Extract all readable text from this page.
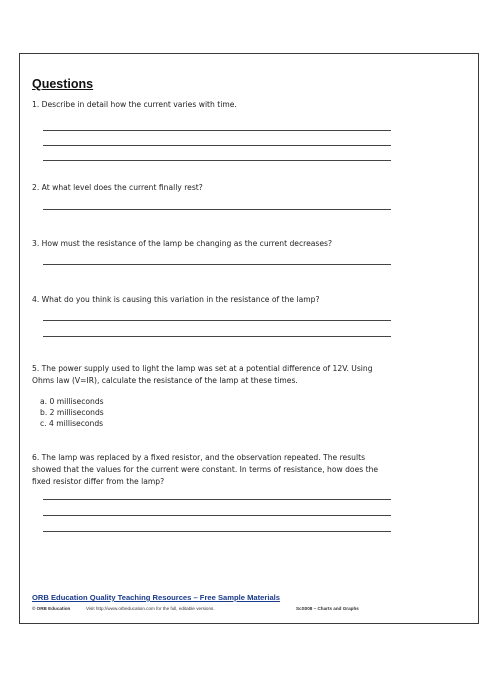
Questions
1. Describe in detail how the current varies with time.
2. At what level does the current finally rest?
3. How must the resistance of the lamp be changing as the current decreases?
4. What do you think is causing this variation in the resistance of the lamp?
5. The power supply used to light the lamp was set at a potential difference of 12V. Using Ohms law (V=IR), calculate the resistance of the lamp at these times.
a. 0 milliseconds
b. 2 milliseconds
c. 4 milliseconds
6. The lamp was replaced by a fixed resistor, and the observation repeated. The results showed that the values for the current were constant. In terms of resistance, how does the fixed resistor differ from the lamp?
ORB Education Quality Teaching Resources – Free Sample Materials
© ORB Education	Visit http://www.orbeducation.com for the full, editable versions.	ScS008 – Charts and Graphs
